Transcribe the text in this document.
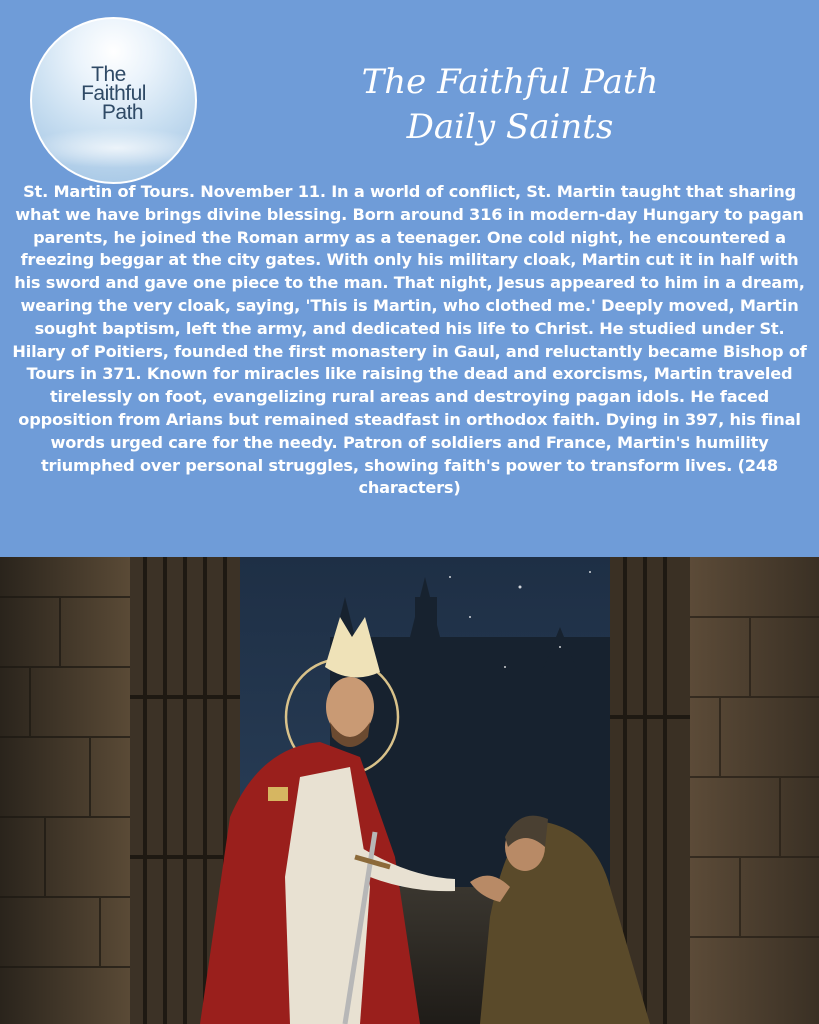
The
Faithful
Path
The Faithful Path
Daily Saints
St. Martin of Tours. November 11. In a world of conflict, St. Martin taught that sharing what we have brings divine blessing. Born around 316 in modern-day Hungary to pagan parents, he joined the Roman army as a teenager. One cold night, he encountered a freezing beggar at the city gates. With only his military cloak, Martin cut it in half with his sword and gave one piece to the man. That night, Jesus appeared to him in a dream, wearing the very cloak, saying, 'This is Martin, who clothed me.' Deeply moved, Martin sought baptism, left the army, and dedicated his life to Christ. He studied under St. Hilary of Poitiers, founded the first monastery in Gaul, and reluctantly became Bishop of Tours in 371. Known for miracles like raising the dead and exorcisms, Martin traveled tirelessly on foot, evangelizing rural areas and destroying pagan idols. He faced opposition from Arians but remained steadfast in orthodox faith. Dying in 397, his final words urged care for the needy. Patron of soldiers and France, Martin's humility triumphed over personal struggles, showing faith's power to transform lives. (248 characters)
